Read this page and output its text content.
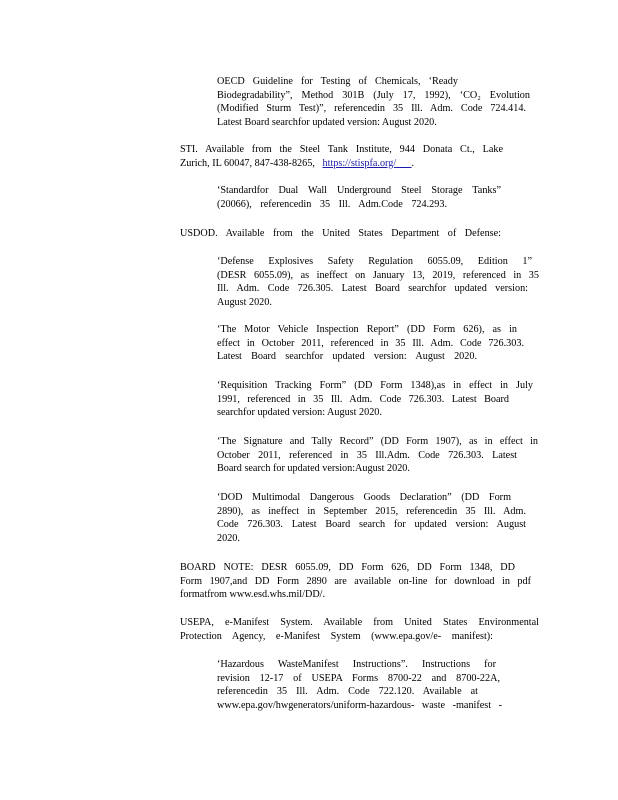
OECD Guideline for Testing of Chemicals, ‘Ready
Biodegradability”, Method 301B (July 17, 1992), ‘CO₂ Evolution
(Modified Sturm Test)”, referencedin 35 Ill. Adm. Code 724.414.
Latest Board searchfor updated version: August 2020.
STI. Available from the Steel Tank Institute, 944 Donata Ct., Lake
Zurich, IL 60047, 847-438-8265, https://stispfa.org/ .
‘Standardfor Dual Wall Underground Steel Storage Tanks”
(20066), referencedin 35 Ill. Adm.Code 724.293.
USDOD. Available from the United States Department of Defense:
‘Defense Explosives Safety Regulation 6055.09, Edition 1”
(DESR 6055.09), as ineffect on January 13, 2019, referenced in 35
Ill. Adm. Code 726.305. Latest Board searchfor updated version:
August 2020.
‘The Motor Vehicle Inspection Report” (DD Form 626), as in
effect in October 2011, referenced in 35 Ill. Adm. Code 726.303.
Latest Board searchfor updated version: August 2020.
‘Requisition Tracking Form” (DD Form 1348),as in effect in July
1991, referenced in 35 Ill. Adm. Code 726.303. Latest Board
searchfor updated version: August 2020.
‘The Signature and Tally Record” (DD Form 1907), as in effect in
October 2011, referenced in 35 Ill.Adm. Code 726.303. Latest
Board search for updated version:August 2020.
‘DOD Multimodal Dangerous Goods Declaration” (DD Form
2890), as ineffect in September 2015, referencedin 35 Ill. Adm.
Code 726.303. Latest Board search for updated version: August
2020.
BOARD NOTE: DESR 6055.09, DD Form 626, DD Form 1348, DD
Form 1907,and DD Form 2890 are available on-line for download in pdf
formatfrom www.esd.whs.mil/DD/.
USEPA, e-Manifest System. Available from United States Environmental
Protection Agency, e-Manifest System (www.epa.gov/e- manifest):
‘Hazardous WasteManifest Instructions”. Instructions for
revision 12-17 of USEPA Forms 8700-22 and 8700-22A,
referencedin 35 Ill. Adm. Code 722.120. Available at
www.epa.gov/hwgenerators/uniform-hazardous- waste -manifest -
